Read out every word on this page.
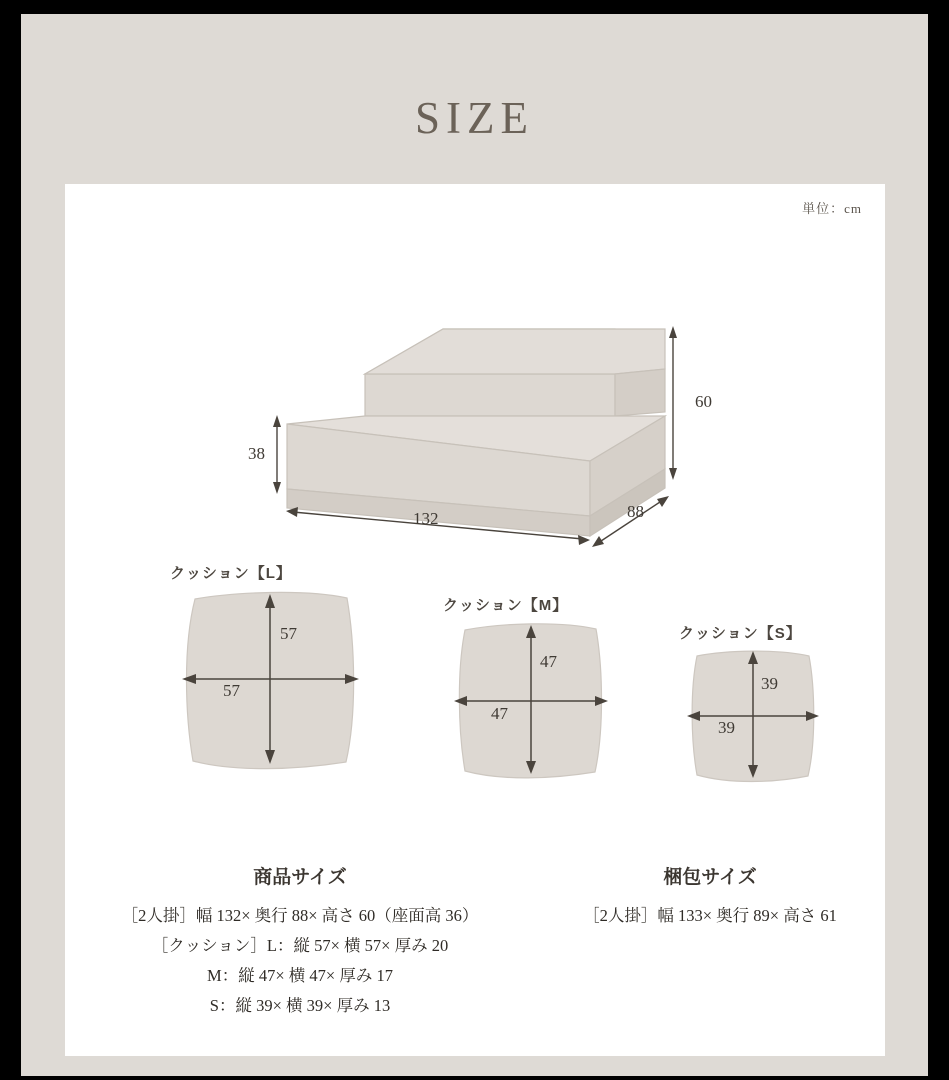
SIZE
単位：cm
60
38
132	88
クッション【L】
57
57
クッション【M】
47
47
クッション【S】
39
39
商品サイズ	梱包サイズ
［2人掛］幅 132× 奥行 88× 高さ 60（座面高 36）
［クッション］L：縦 57× 横 57× 厚み 20
M：縦 47× 横 47× 厚み 17
S：縦 39× 横 39× 厚み 13
［2人掛］幅 133× 奥行 89× 高さ 61
